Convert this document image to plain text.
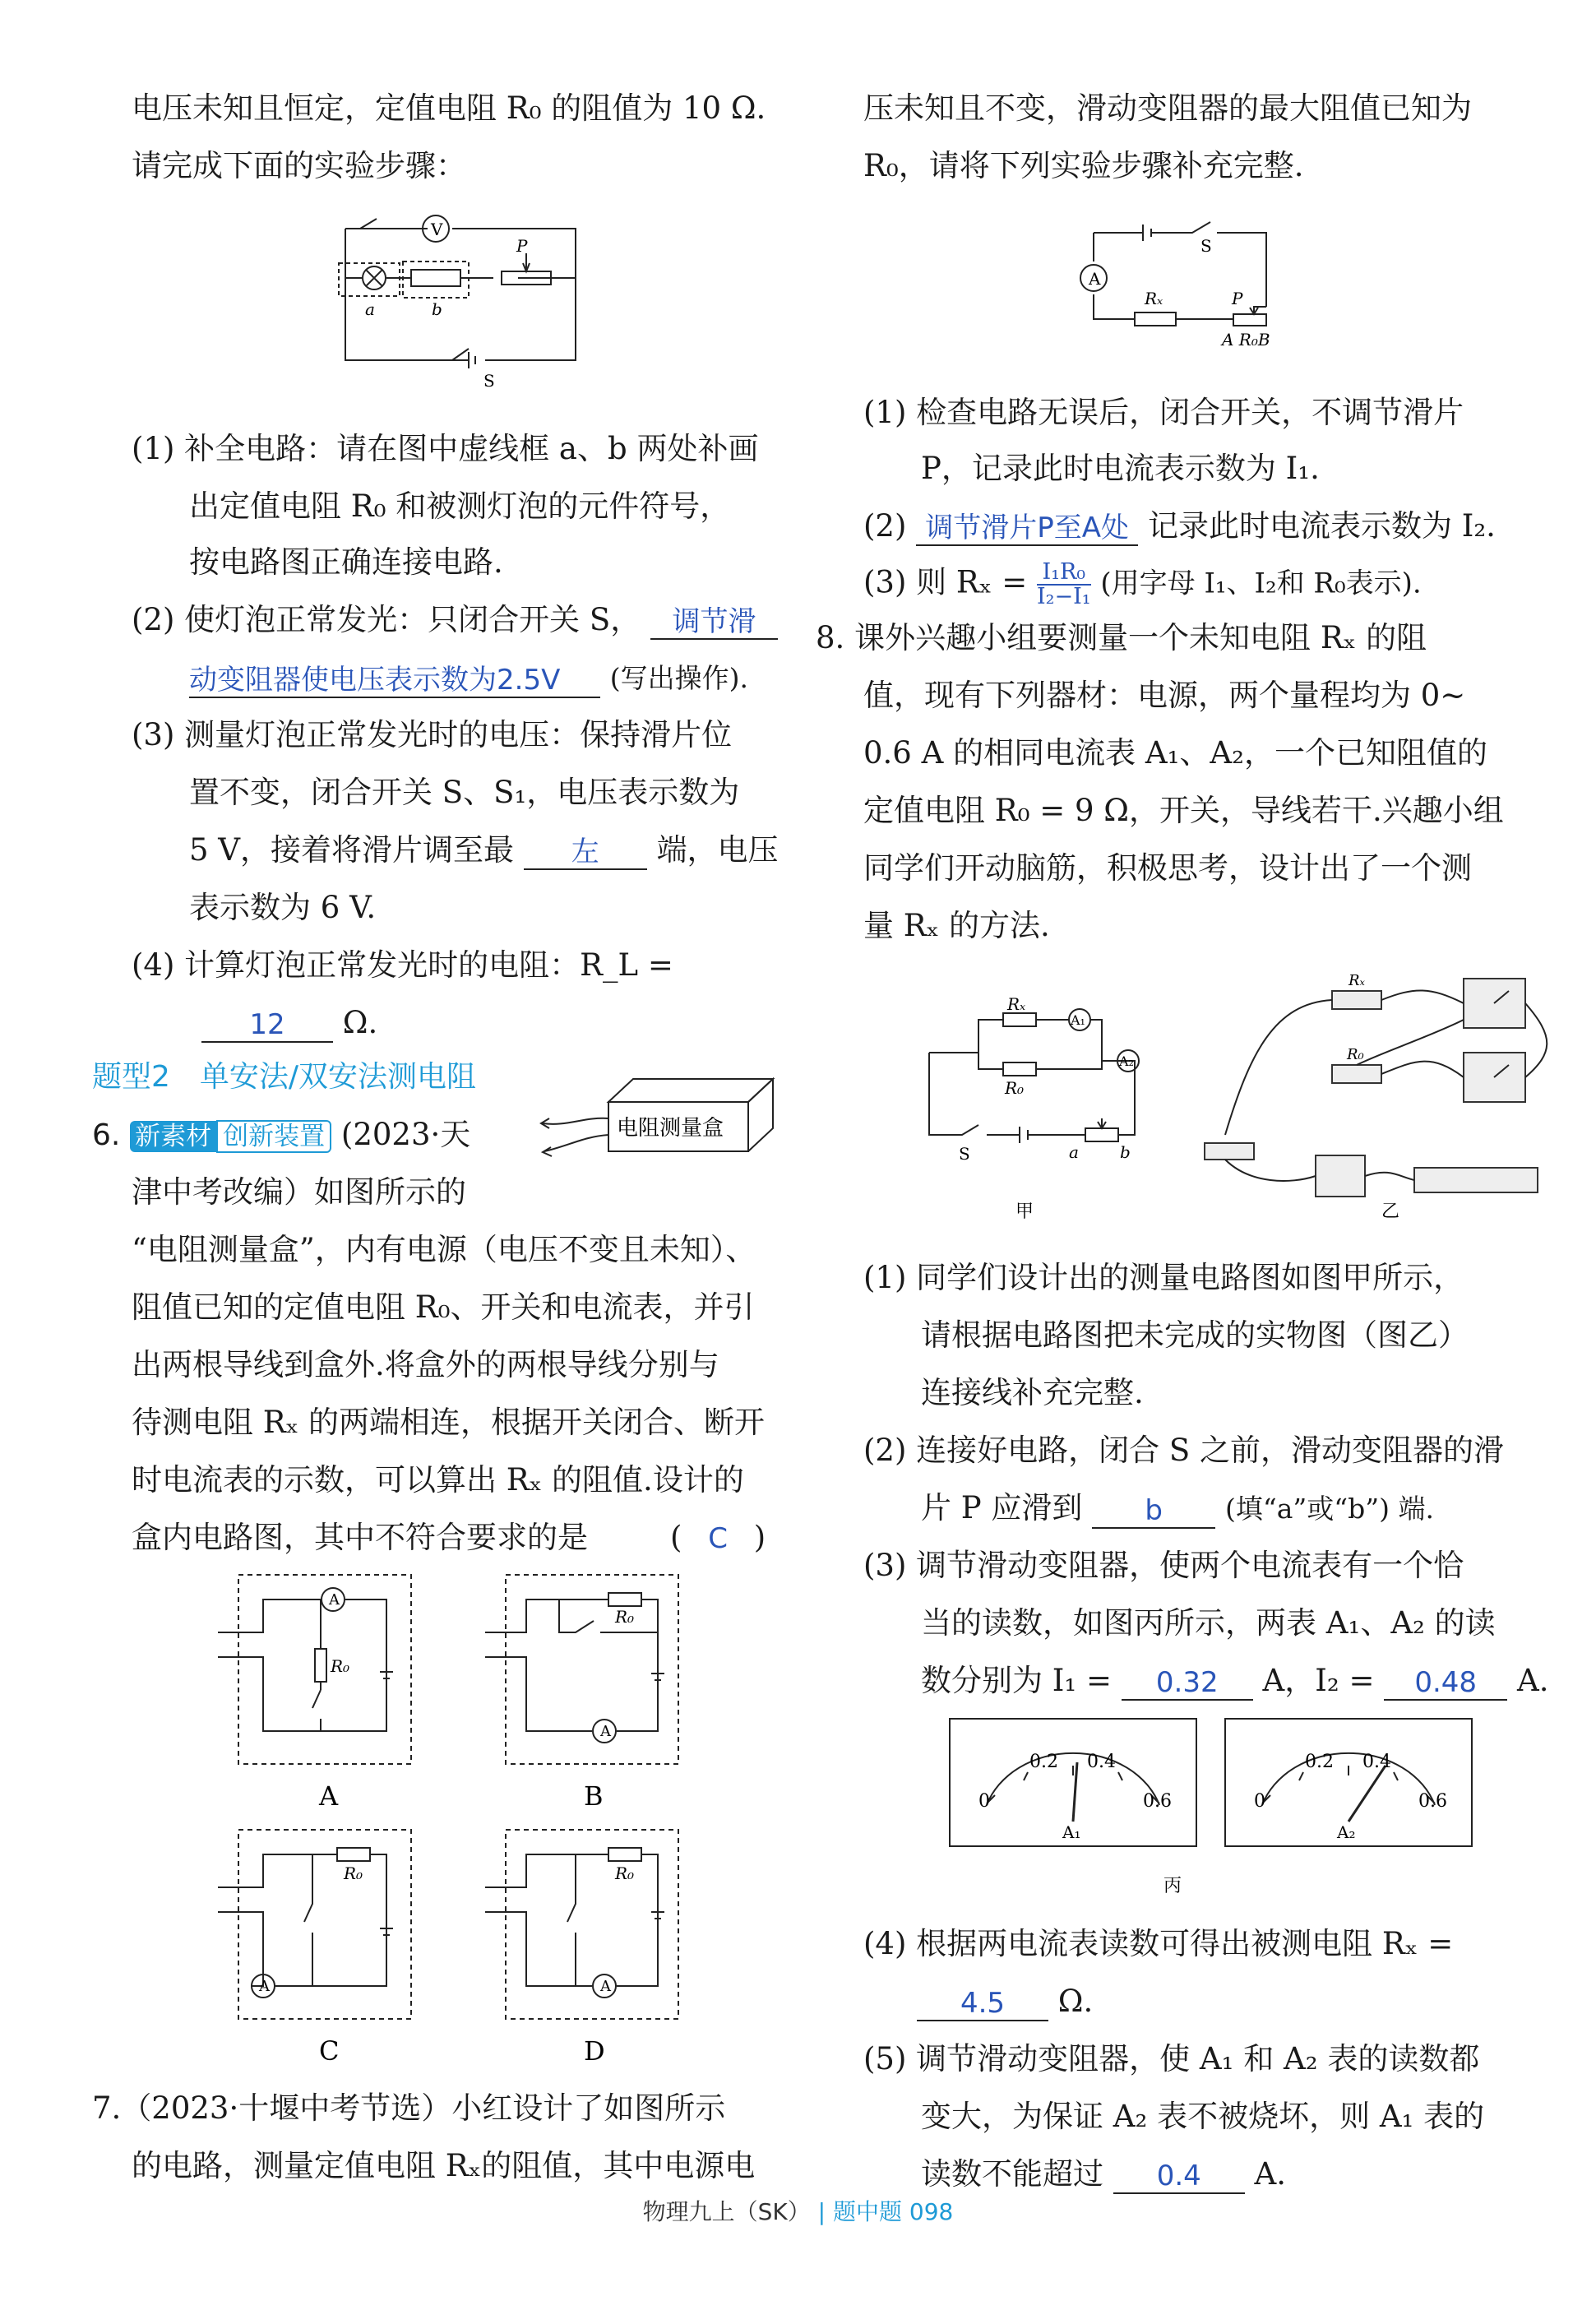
电压未知且恒定，定值电阻 R₀ 的阻值为 10 Ω.
请完成下面的实验步骤：
V
a	b
P
S
(1) 补全电路：请在图中虚线框 a、b 两处补画
出定值电阻 R₀ 和被测灯泡的元件符号，
按电路图正确连接电路.
(2) 使灯泡正常发光：只闭合开关 S， 调节滑
动变阻器使电压表示数为2.5V (写出操作).
(3) 测量灯泡正常发光时的电压：保持滑片位
置不变，闭合开关 S、S₁，电压表示数为
5 V，接着将滑片调至最 左 端，电压
表示数为 6 V.
(4) 计算灯泡正常发光时的电阻：R_L =
12 Ω.
题型2　单安法/双安法测电阻
6. 新素材 创新装置 (2023·天
津中考改编）如图所示的
电阻测量盒
“电阻测量盒”，内有电源（电压不变且未知）、
阻值已知的定值电阻 R₀、开关和电流表，并引
出两根导线到盒外.将盒外的两根导线分别与
待测电阻 Rₓ 的两端相连，根据开关闭合、断开
时电流表的示数，可以算出 Rₓ 的阻值.设计的
盒内电路图，其中不符合要求的是	( C )
A
R₀
R₀
A
R₀
A
R₀
A
A	B
C	D
7.（2023·十堰中考节选）小红设计了如图所示
的电路，测量定值电阻 Rₓ的阻值，其中电源电
压未知且不变，滑动变阻器的最大阻值已知为
R₀，请将下列实验步骤补充完整.
A
S
Rₓ	P
A R₀B
(1) 检查电路无误后，闭合开关，不调节滑片
P，记录此时电流表示数为 I₁.
(2) 调节滑片P至A处 记录此时电流表示数为 I₂.
(3) 则 $R_x = \frac{\text{I₁R₀}}{\text{I₂−I₁}}$ (用字母 I₁、I₂和 R₀表示).
8. 课外兴趣小组要测量一个未知电阻 Rₓ 的阻
值，现有下列器材：电源，两个量程均为 0~
0.6 A 的相同电流表 A₁、A₂，一个已知阻值的
定值电阻 R₀ = 9 Ω，开关，导线若干.兴趣小组
同学们开动脑筋，积极思考，设计出了一个测
量 Rₓ 的方法.
Rₓ
R₀
A₁
A₂
S	a	b
Rₓ
R₀
甲	乙
(1) 同学们设计出的测量电路图如图甲所示，
请根据电路图把未完成的实物图（图乙）
连接线补充完整.
(2) 连接好电路，闭合 S 之前，滑动变阻器的滑
片 P 应滑到 b (填“a”或“b”) 端.
(3) 调节滑动变阻器，使两个电流表有一个恰
当的读数，如图丙所示，两表 A₁、A₂ 的读
数分别为 I₁ = 0.32 A，I₂ = 0.48 A.
0
0.2 0.4
0.6
A₁
0
0.2 0.4
0.6
A₂
丙
(4) 根据两电流表读数可得出被测电阻 Rₓ =
4.5 Ω.
(5) 调节滑动变阻器，使 A₁ 和 A₂ 表的读数都
变大，为保证 A₂ 表不被烧坏，则 A₁ 表的
读数不能超过 0.4 A.
物理九上（SK） | 题中题 098
